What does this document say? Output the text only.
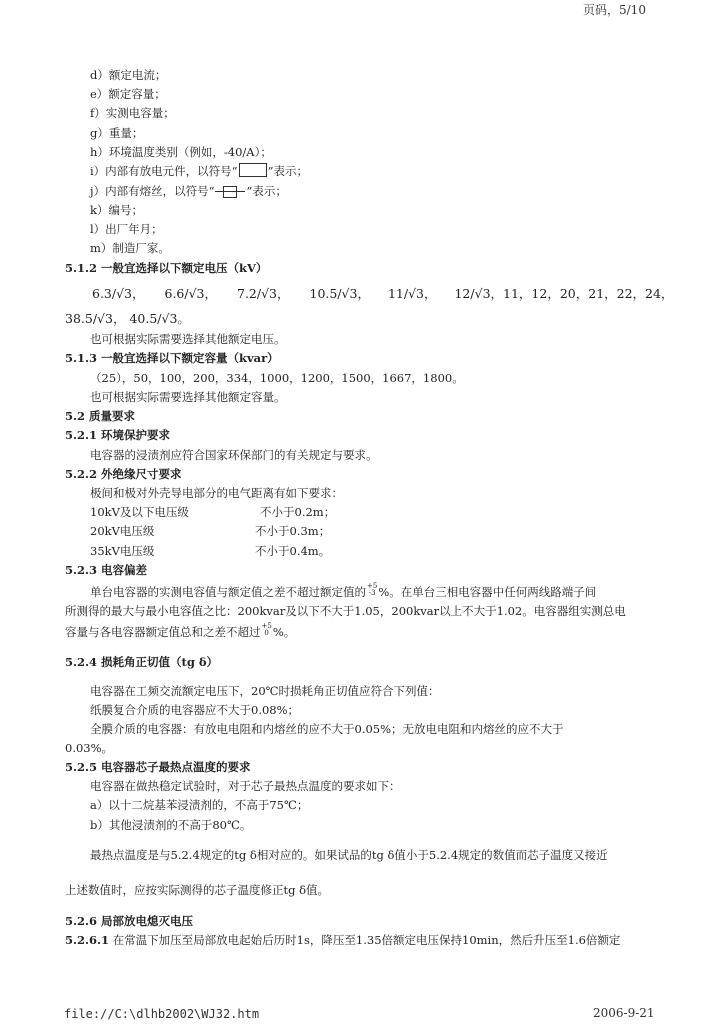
页码，5/10
d）额定电流；
e）额定容量；
f）实测电容量；
g）重量；
h）环境温度类别（例如，-40/A）；
i）内部有放电元件，以符号“	”表示；
j）内部有熔丝，以符号“	”表示；
k）编号；
l）出厂年月；
m）制造厂家。
5.1.2 一般宜选择以下额定电压（kV）
6.3/√3， 6.6/√3， 7.2/√3， 10.5/√3， 11/√3， 12/√3，11，12，20，21，22，24，
38.5/√3， 40.5/√3。
也可根据实际需要选择其他额定电压。
5.1.3 一般宜选择以下额定容量（kvar）
（25），50，100，200，334，1000，1200，1500，1667，1800。
也可根据实际需要选择其他额定容量。
5.2 质量要求
5.2.1 环境保护要求
电容器的浸渍剂应符合国家环保部门的有关规定与要求。
5.2.2 外绝缘尺寸要求
极间和极对外壳导电部分的电气距离有如下要求：
10kV及以下电压级	不小于0.2m；
20kV电压级	不小于0.3m；
35kV电压级	不小于0.4m。
5.2.3 电容偏差
单台电容器的实测电容值与额定值之差不超过额定值的+5
-3 %。在单台三相电容器中任何两线路端子间
所测得的最大与最小电容值之比：200kvar及以下不大于1.05，200kvar以上不大于1.02。电容器组实测总电
容量与各电容器额定值总和之差不超过+5
0 %。
5.2.4 损耗角正切值（tg δ）
电容器在工频交流额定电压下，20℃时损耗角正切值应符合下列值：
纸膜复合介质的电容器应不大于0.08%；
全膜介质的电容器：有放电电阻和内熔丝的应不大于0.05%；无放电电阻和内熔丝的应不大于
0.03%。
5.2.5 电容器芯子最热点温度的要求
电容器在做热稳定试验时，对于芯子最热点温度的要求如下：
a）以十二烷基苯浸渍剂的，不高于75℃；
b）其他浸渍剂的不高于80℃。
最热点温度是与5.2.4规定的tg δ相对应的。如果试品的tg δ值小于5.2.4规定的数值而芯子温度又接近
上述数值时，应按实际测得的芯子温度修正tg δ值。
5.2.6 局部放电熄灭电压
5.2.6.1 在常温下加压至局部放电起始后历时1s，降压至1.35倍额定电压保持10min，然后升压至1.6倍额定
file://C:\dlhb2002\WJ32.htm	2006-9-21
